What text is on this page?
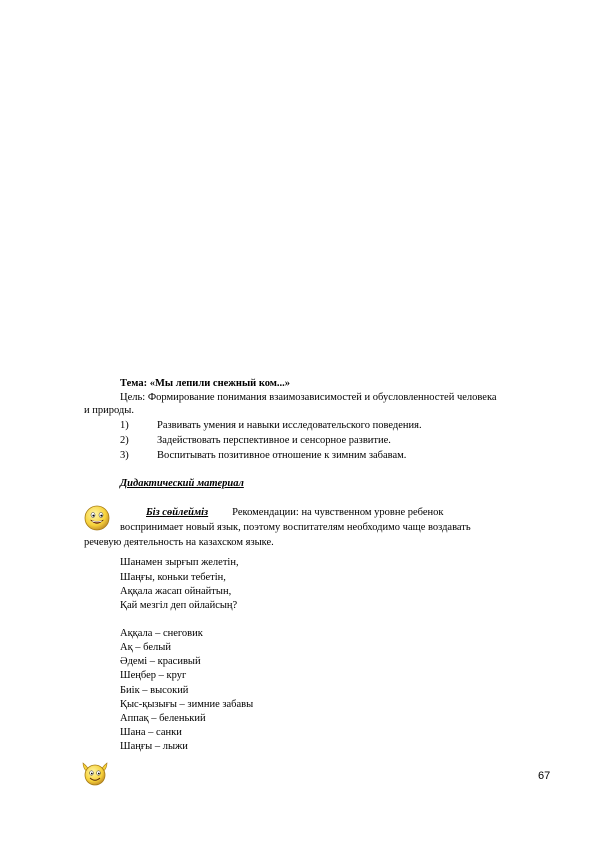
Тема: «Мы лепили снежный ком...»
Цель: Формирование понимания взаимозависимостей и обусловленностей человека
и природы.
1)	Развивать умения и навыки исследовательского поведения.
2)	Задействовать перспективное и сенсорное развитие.
3)	Воспитывать позитивное отношение к зимним забавам.
Дидактический материал
Біз сөйлейміз Рекомендации: на чувственном уровне ребенок
воспринимает новый язык, поэтому воспитателям необходимо чаще воздавать
речевую деятельность на казахском языке.
Шанамен зырғып желетін,
Шаңғы, коньки тебетін,
Аққала жасап ойнайтын,
Қай мезгіл деп ойлайсың?
Аққала – снеговик
Ақ – белый
Әдемі – красивый
Шеңбер – круг
Биік – высокий
Қыс-қызығы – зимние забавы
Аппақ – беленький
Шана – санки
Шаңғы – лыжи
67
